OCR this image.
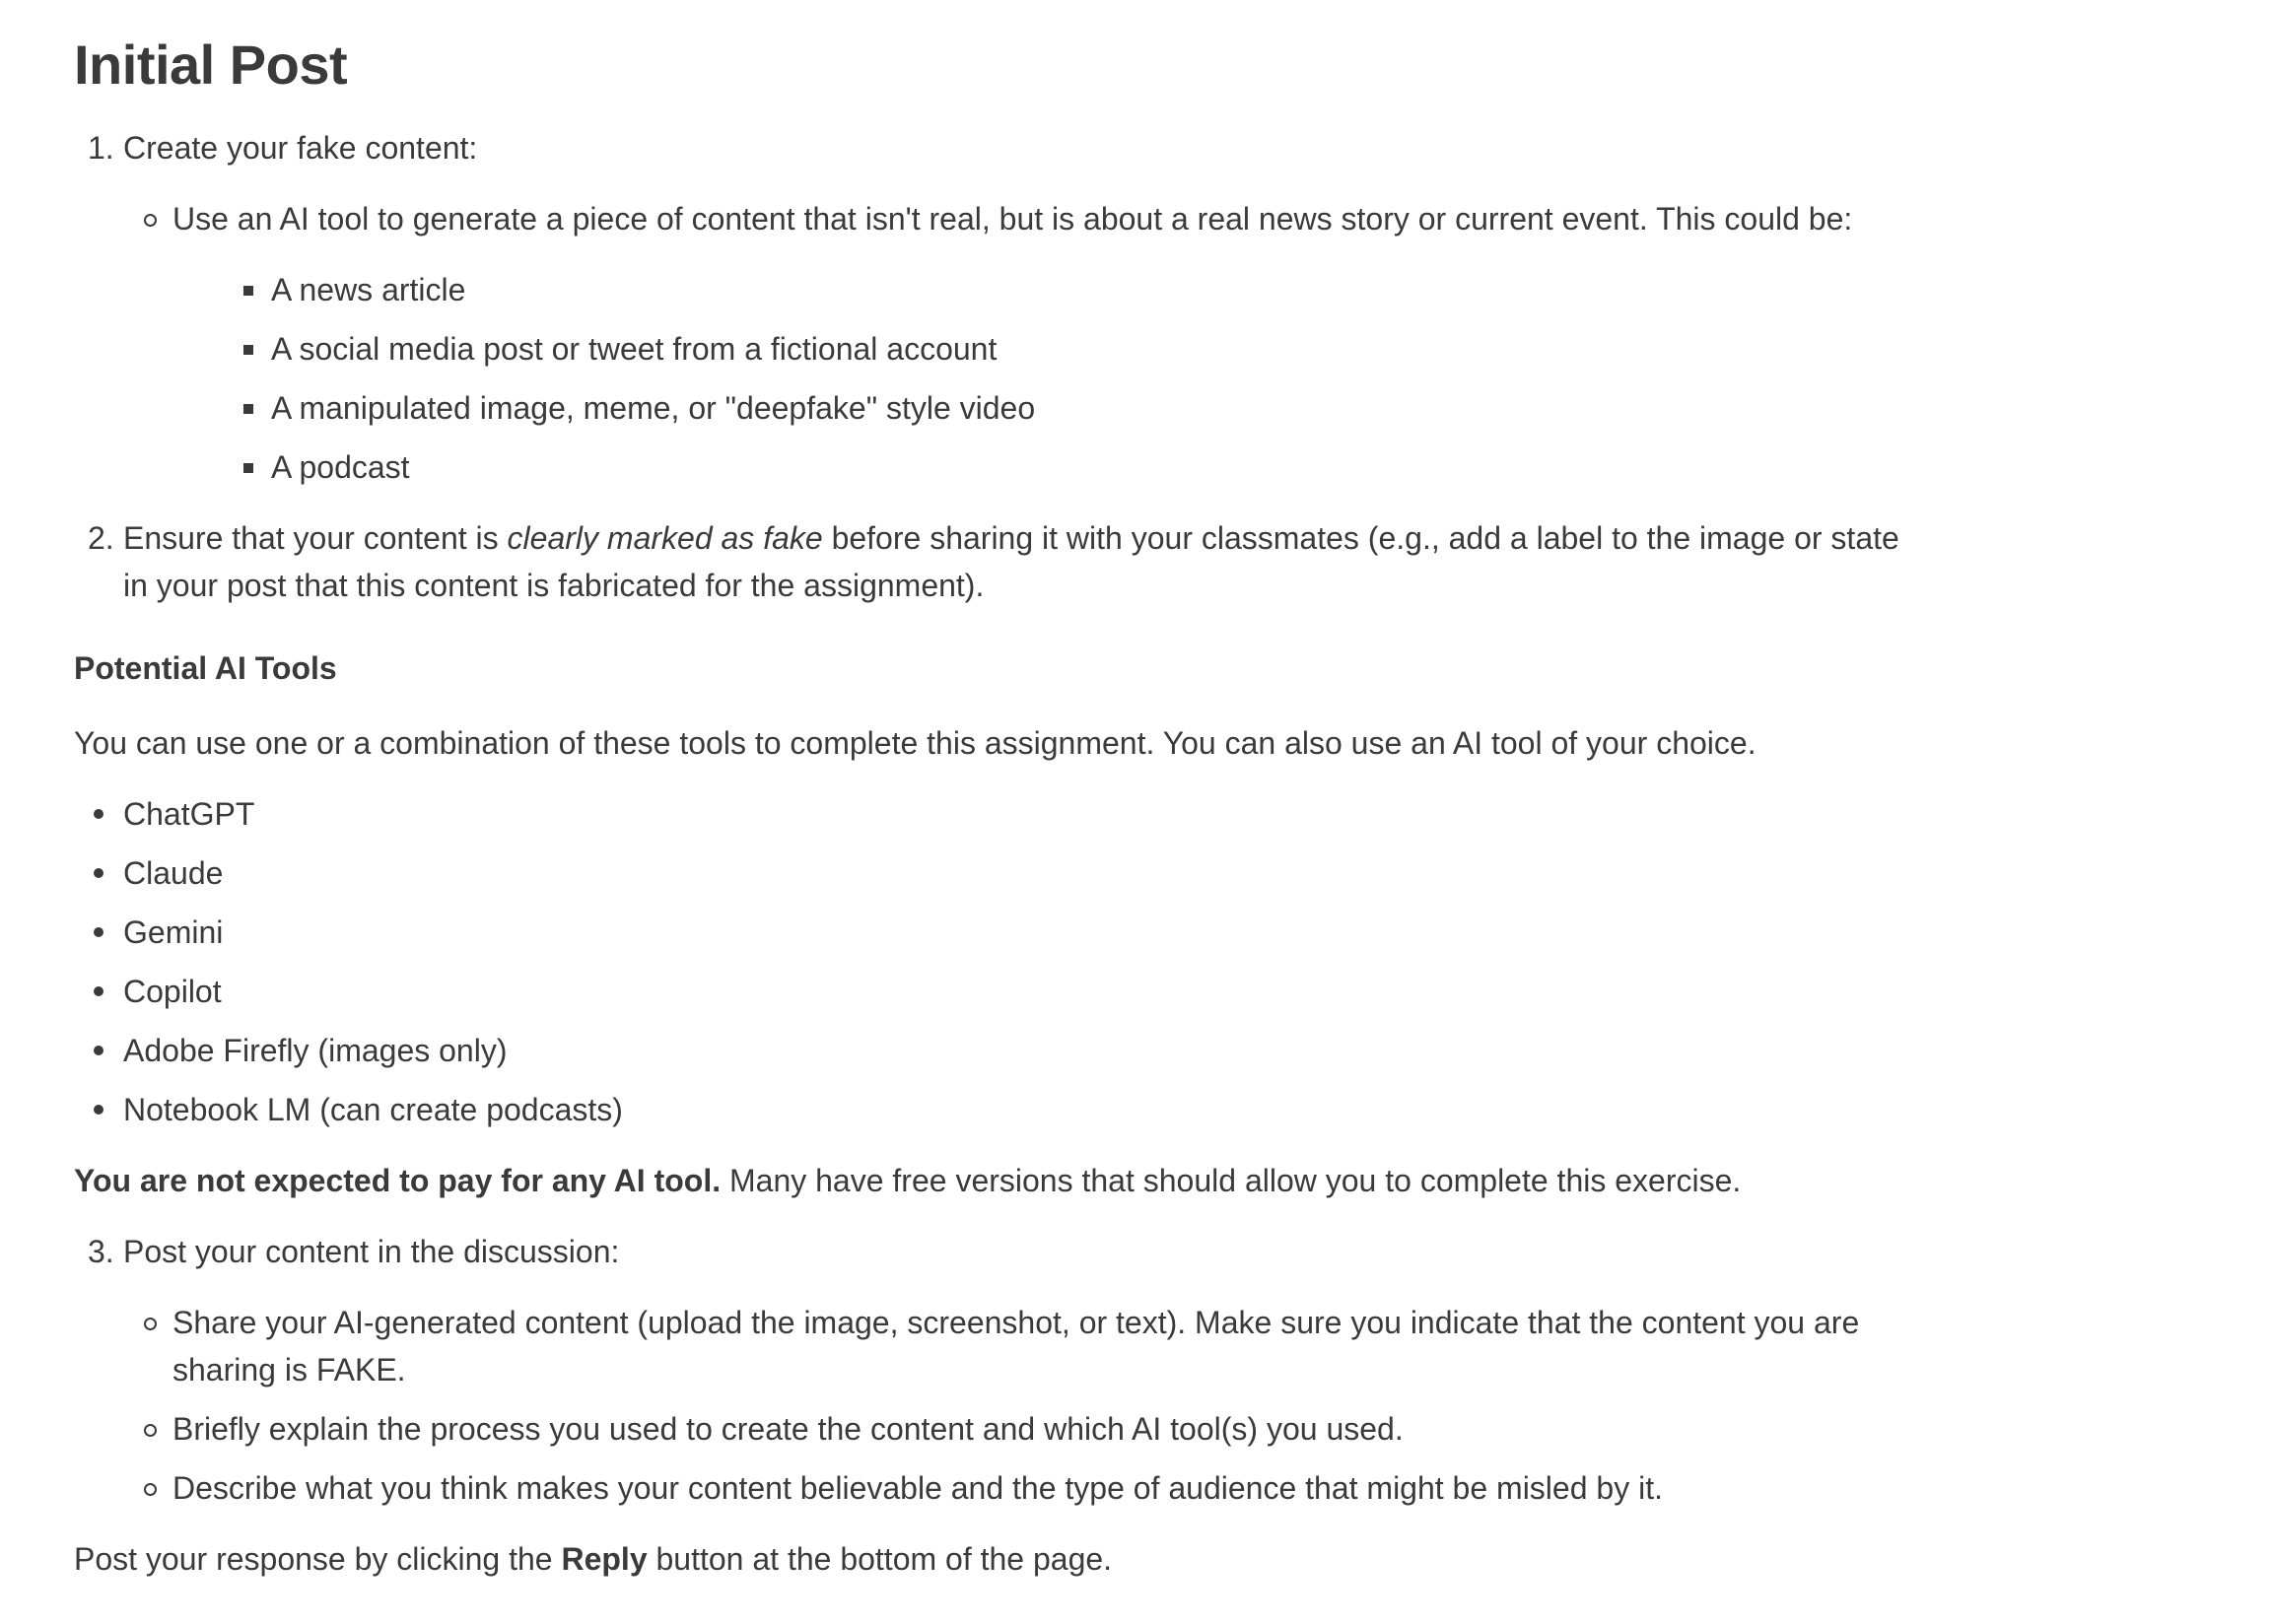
Initial Post
1. Create your fake content:
Use an AI tool to generate a piece of content that isn't real, but is about a real news story or current event. This could be:
A news article
A social media post or tweet from a fictional account
A manipulated image, meme, or "deepfake" style video
A podcast
2. Ensure that your content is clearly marked as fake before sharing it with your classmates (e.g., add a label to the image or state in your post that this content is fabricated for the assignment).
Potential AI Tools

You can use one or a combination of these tools to complete this assignment. You can also use an AI tool of your choice.

ChatGPT
Claude
Gemini
Copilot
Adobe Firefly (images only)
Notebook LM (can create podcasts)

You are not expected to pay for any AI tool. Many have free versions that should allow you to complete this exercise.

3. Post your content in the discussion:
Share your AI-generated content (upload the image, screenshot, or text). Make sure you indicate that the content you are sharing is FAKE.
Briefly explain the process you used to create the content and which AI tool(s) you used.
Describe what you think makes your content believable and the type of audience that might be misled by it.

Post your response by clicking the Reply button at the bottom of the page.
